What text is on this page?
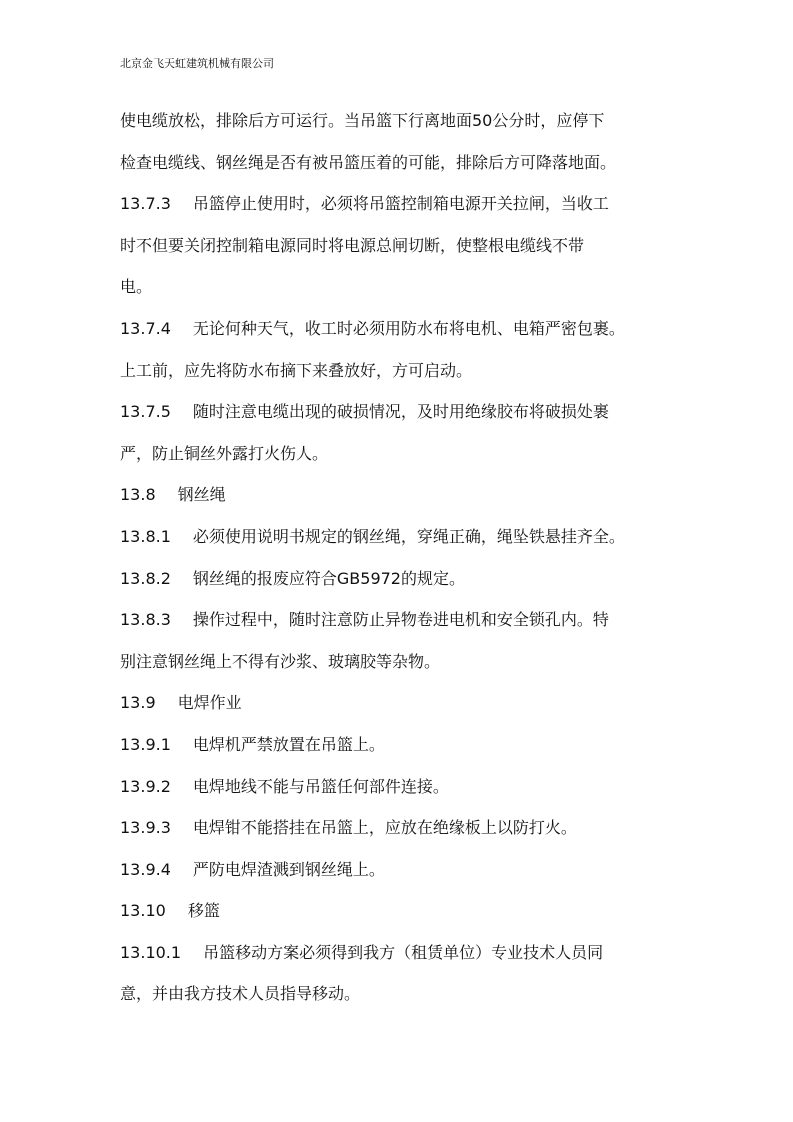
北京金飞天虹建筑机械有限公司
使电缆放松，排除后方可运行。当吊篮下行离地面50公分时，应停下
检查电缆线、钢丝绳是否有被吊篮压着的可能，排除后方可降落地面。
13.7.3 吊篮停止使用时，必须将吊篮控制箱电源开关拉闸，当收工
时不但要关闭控制箱电源同时将电源总闸切断，使整根电缆线不带
电。
13.7.4 无论何种天气，收工时必须用防水布将电机、电箱严密包裹。
上工前，应先将防水布摘下来叠放好，方可启动。
13.7.5 随时注意电缆出现的破损情况，及时用绝缘胶布将破损处裹
严，防止铜丝外露打火伤人。
13.8 钢丝绳
13.8.1 必须使用说明书规定的钢丝绳，穿绳正确，绳坠铁悬挂齐全。
13.8.2 钢丝绳的报废应符合GB5972的规定。
13.8.3 操作过程中，随时注意防止异物卷进电机和安全锁孔内。特
别注意钢丝绳上不得有沙浆、玻璃胶等杂物。
13.9 电焊作业
13.9.1 电焊机严禁放置在吊篮上。
13.9.2 电焊地线不能与吊篮任何部件连接。
13.9.3 电焊钳不能搭挂在吊篮上，应放在绝缘板上以防打火。
13.9.4 严防电焊渣溅到钢丝绳上。
13.10 移篮
13.10.1 吊篮移动方案必须得到我方（租赁单位）专业技术人员同
意，并由我方技术人员指导移动。
